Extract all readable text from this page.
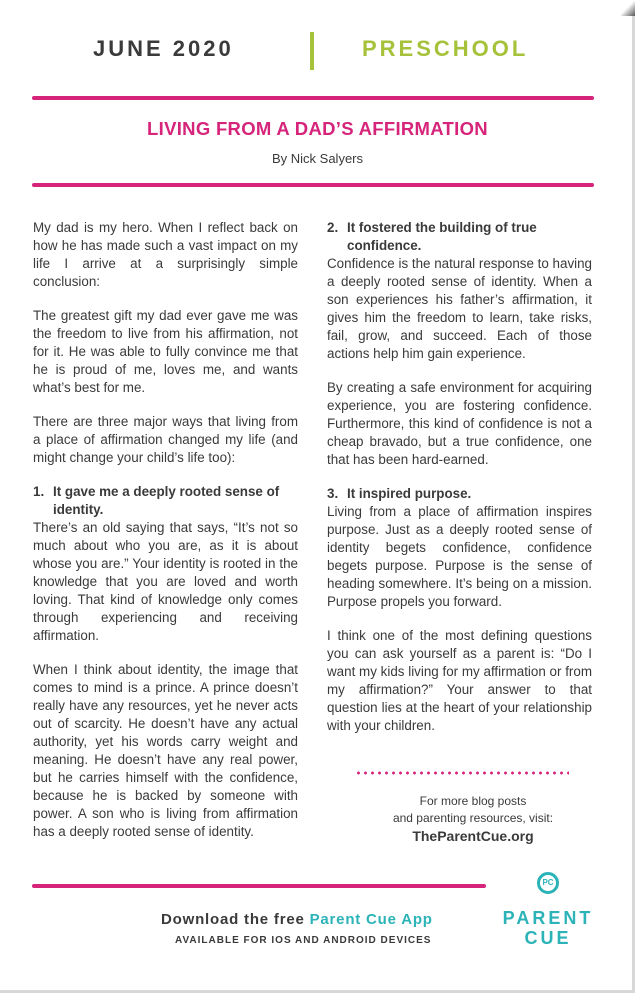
JUNE 2020	PRESCHOOL
LIVING FROM A DAD’S AFFIRMATION
By Nick Salyers

My dad is my hero. When I reflect back on how he has made such a vast impact on my life I arrive at a surprisingly simple conclusion:

The greatest gift my dad ever gave me was the freedom to live from his affirmation, not for it. He was able to fully convince me that he is proud of me, loves me, and wants what’s best for me.

There are three major ways that living from a place of affirmation changed my life (and might change your child’s life too):

1. It gave me a deeply rooted sense of identity.

There’s an old saying that says, “It’s not so much about who you are, as it is about whose you are.” Your identity is rooted in the knowledge that you are loved and worth loving. That kind of knowledge only comes through experiencing and receiving affirmation.

When I think about identity, the image that comes to mind is a prince. A prince doesn’t really have any resources, yet he never acts out of scarcity. He doesn’t have any actual authority, yet his words carry weight and meaning. He doesn’t have any real power, but he carries himself with the confidence, because he is backed by someone with power. A son who is living from affirmation has a deeply rooted sense of identity.

2. It fostered the building of true confidence.

Confidence is the natural response to having a deeply rooted sense of identity. When a son experiences his father’s affirmation, it gives him the freedom to learn, take risks, fail, grow, and succeed. Each of those actions help him gain experience.

By creating a safe environment for acquiring experience, you are fostering confidence. Furthermore, this kind of confidence is not a cheap bravado, but a true confidence, one that has been hard-earned.

3. It inspired purpose.

Living from a place of affirmation inspires purpose. Just as a deeply rooted sense of identity begets confidence, confidence begets purpose. Purpose is the sense of heading somewhere. It’s being on a mission. Purpose propels you forward.

I think one of the most defining questions you can ask yourself as a parent is: “Do I want my kids living for my affirmation or from my affirmation?” Your answer to that question lies at the heart of your relationship with your children.

For more blog posts
and parenting resources, visit:
TheParentCue.org
Download the free Parent Cue App
AVAILABLE FOR IOS AND ANDROID DEVICES
PC
PARENT
CUE
